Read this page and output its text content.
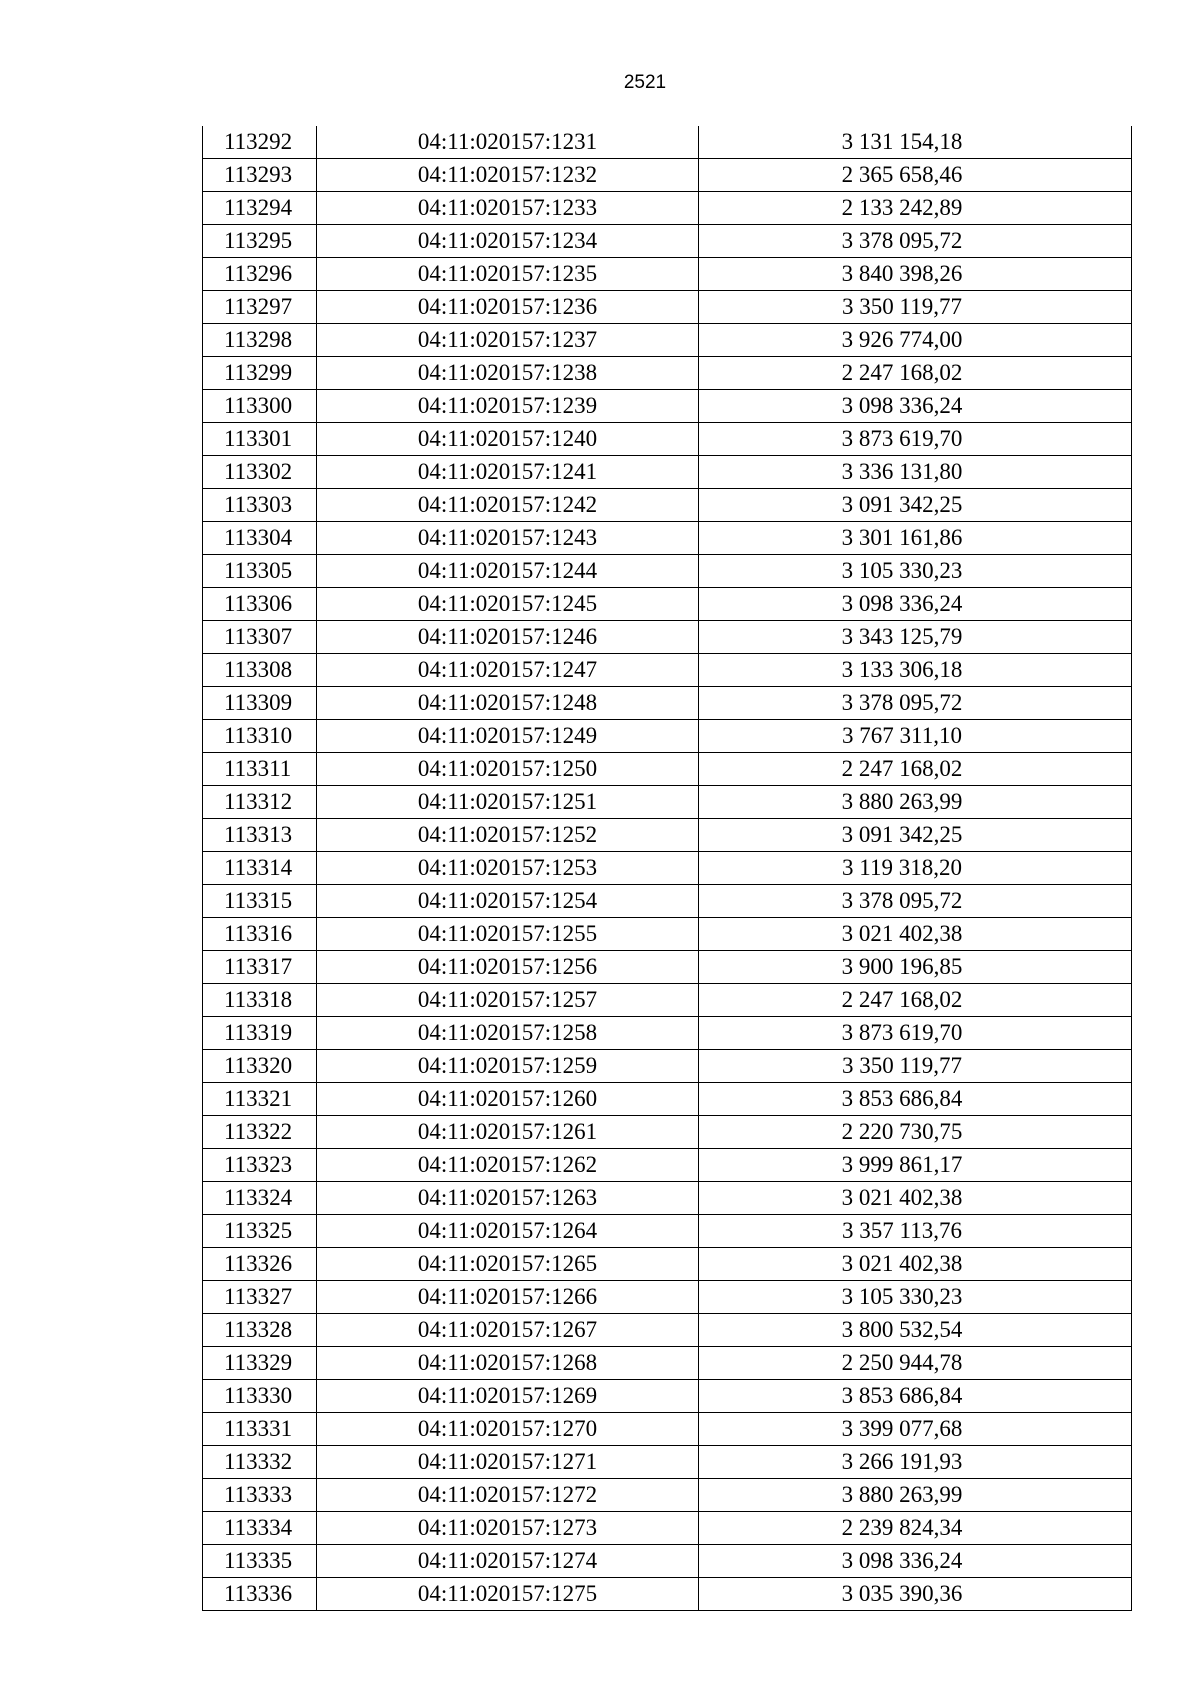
2521
113292	04:11:020157:1231	3 131 154,18
113293	04:11:020157:1232	2 365 658,46
113294	04:11:020157:1233	2 133 242,89
113295	04:11:020157:1234	3 378 095,72
113296	04:11:020157:1235	3 840 398,26
113297	04:11:020157:1236	3 350 119,77
113298	04:11:020157:1237	3 926 774,00
113299	04:11:020157:1238	2 247 168,02
113300	04:11:020157:1239	3 098 336,24
113301	04:11:020157:1240	3 873 619,70
113302	04:11:020157:1241	3 336 131,80
113303	04:11:020157:1242	3 091 342,25
113304	04:11:020157:1243	3 301 161,86
113305	04:11:020157:1244	3 105 330,23
113306	04:11:020157:1245	3 098 336,24
113307	04:11:020157:1246	3 343 125,79
113308	04:11:020157:1247	3 133 306,18
113309	04:11:020157:1248	3 378 095,72
113310	04:11:020157:1249	3 767 311,10
113311	04:11:020157:1250	2 247 168,02
113312	04:11:020157:1251	3 880 263,99
113313	04:11:020157:1252	3 091 342,25
113314	04:11:020157:1253	3 119 318,20
113315	04:11:020157:1254	3 378 095,72
113316	04:11:020157:1255	3 021 402,38
113317	04:11:020157:1256	3 900 196,85
113318	04:11:020157:1257	2 247 168,02
113319	04:11:020157:1258	3 873 619,70
113320	04:11:020157:1259	3 350 119,77
113321	04:11:020157:1260	3 853 686,84
113322	04:11:020157:1261	2 220 730,75
113323	04:11:020157:1262	3 999 861,17
113324	04:11:020157:1263	3 021 402,38
113325	04:11:020157:1264	3 357 113,76
113326	04:11:020157:1265	3 021 402,38
113327	04:11:020157:1266	3 105 330,23
113328	04:11:020157:1267	3 800 532,54
113329	04:11:020157:1268	2 250 944,78
113330	04:11:020157:1269	3 853 686,84
113331	04:11:020157:1270	3 399 077,68
113332	04:11:020157:1271	3 266 191,93
113333	04:11:020157:1272	3 880 263,99
113334	04:11:020157:1273	2 239 824,34
113335	04:11:020157:1274	3 098 336,24
113336	04:11:020157:1275	3 035 390,36
